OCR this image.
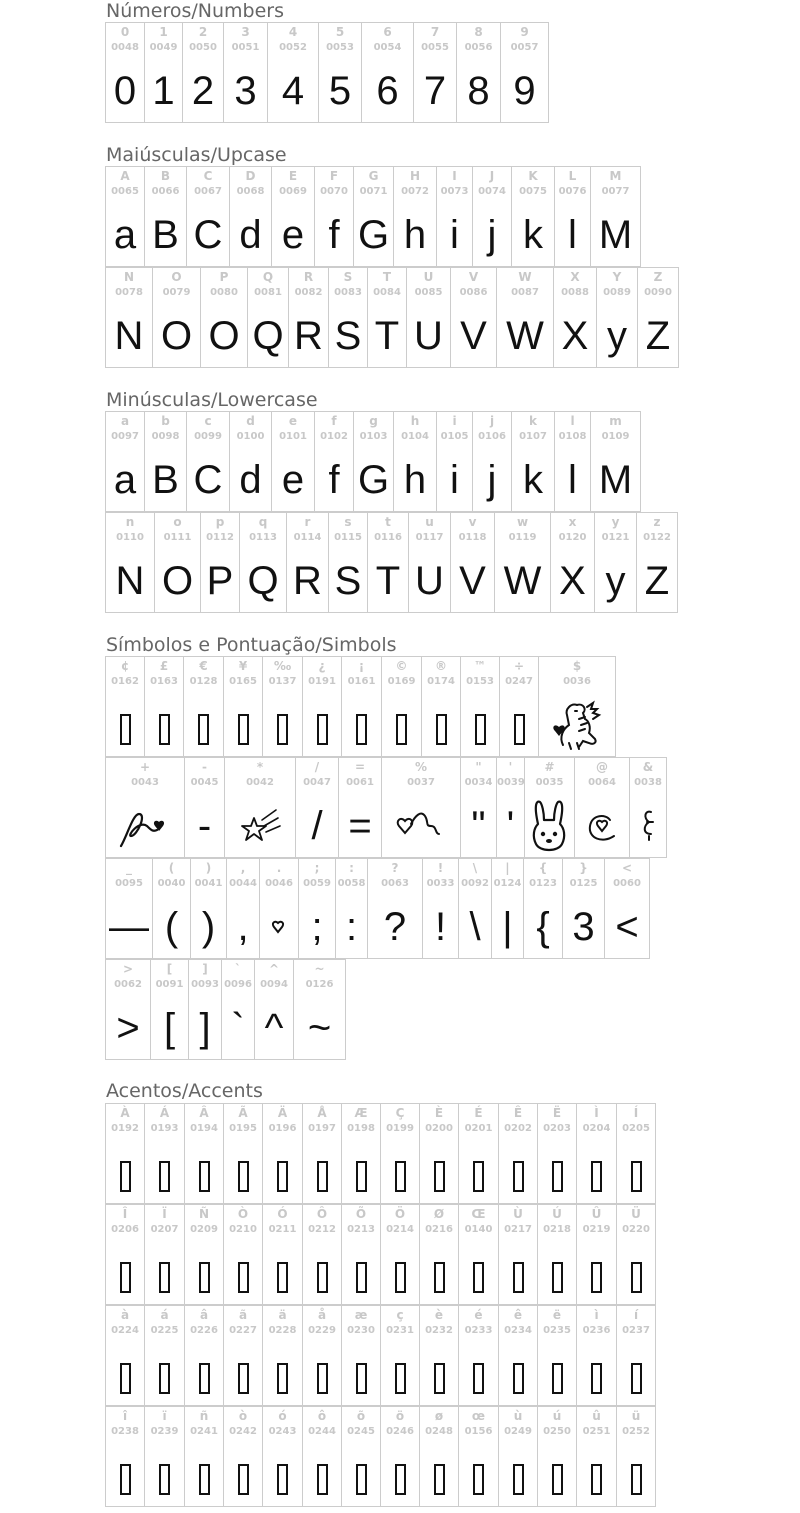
Números/Numbers
0
0048
0
1
0049
1
2
0050
2
3
0051
3
4
0052
4
5
0053
5
6
0054
6
7
0055
7
8
0056
8
9
0057
9
Maiúsculas/Upcase
A
0065
a
B
0066
B
C
0067
C
D
0068
d
E
0069
e
F
0070
f
G
0071
G
H
0072
h
I
0073
i
J
0074
j
K
0075
k
L
0076
l
M
0077
M
N
0078
N
O
0079
O
P
0080
O
Q
0081
Q
R
0082
R
S
0083
S
T
0084
T
U
0085
U
V
0086
V
W
0087
W
X
0088
X
Y
0089
y
Z
0090
Z
Minúsculas/Lowercase
a
0097
a
b
0098
B
c
0099
C
d
0100
d
e
0101
e
f
0102
f
g
0103
G
h
0104
h
i
0105
i
j
0106
j
k
0107
k
l
0108
l
m
0109
M
n
0110
N
o
0111
O
p
0112
P
q
0113
Q
r
0114
R
s
0115
S
t
0116
T
u
0117
U
v
0118
V
w
0119
W
x
0120
X
y
0121
y
z
0122
Z
Símbolos e Pontuação/Simbols
¢
0162
£
0163
€
0128
¥
0165
‰
0137
¿
0191
¡
0161
©
0169
®
0174
™
0153
÷
0247
$
0036
+
0043
-
0045
-
*
0042
/
0047
/
=
0061
=
%
0037
"
0034
"
'
0039
'
#
0035
@
0064
&
0038
_
0095
—
(
0040
(
)
0041
)
,
0044
,
.
0046
;
0059
;
:
0058
:
?
0063
?
!
0033
!
\
0092
\
|
0124
|
{
0123
{
}
0125
3
<
0060
<
>
0062
>
[
0091
[
]
0093
]
`
0096
`
^
0094
^
~
0126
~
Acentos/Accents
À
0192
Á
0193
Â
0194
Ã
0195
Ä
0196
Å
0197
Æ
0198
Ç
0199
È
0200
É
0201
Ê
0202
Ë
0203
Ì
0204
Í
0205
Î
0206
Ï
0207
Ñ
0209
Ò
0210
Ó
0211
Ô
0212
Õ
0213
Ö
0214
Ø
0216
Œ
0140
Ù
0217
Ú
0218
Û
0219
Ü
0220
à
0224
á
0225
â
0226
ã
0227
ä
0228
å
0229
æ
0230
ç
0231
è
0232
é
0233
ê
0234
ë
0235
ì
0236
í
0237
î
0238
ï
0239
ñ
0241
ò
0242
ó
0243
ô
0244
õ
0245
ö
0246
ø
0248
œ
0156
ù
0249
ú
0250
û
0251
ü
0252
